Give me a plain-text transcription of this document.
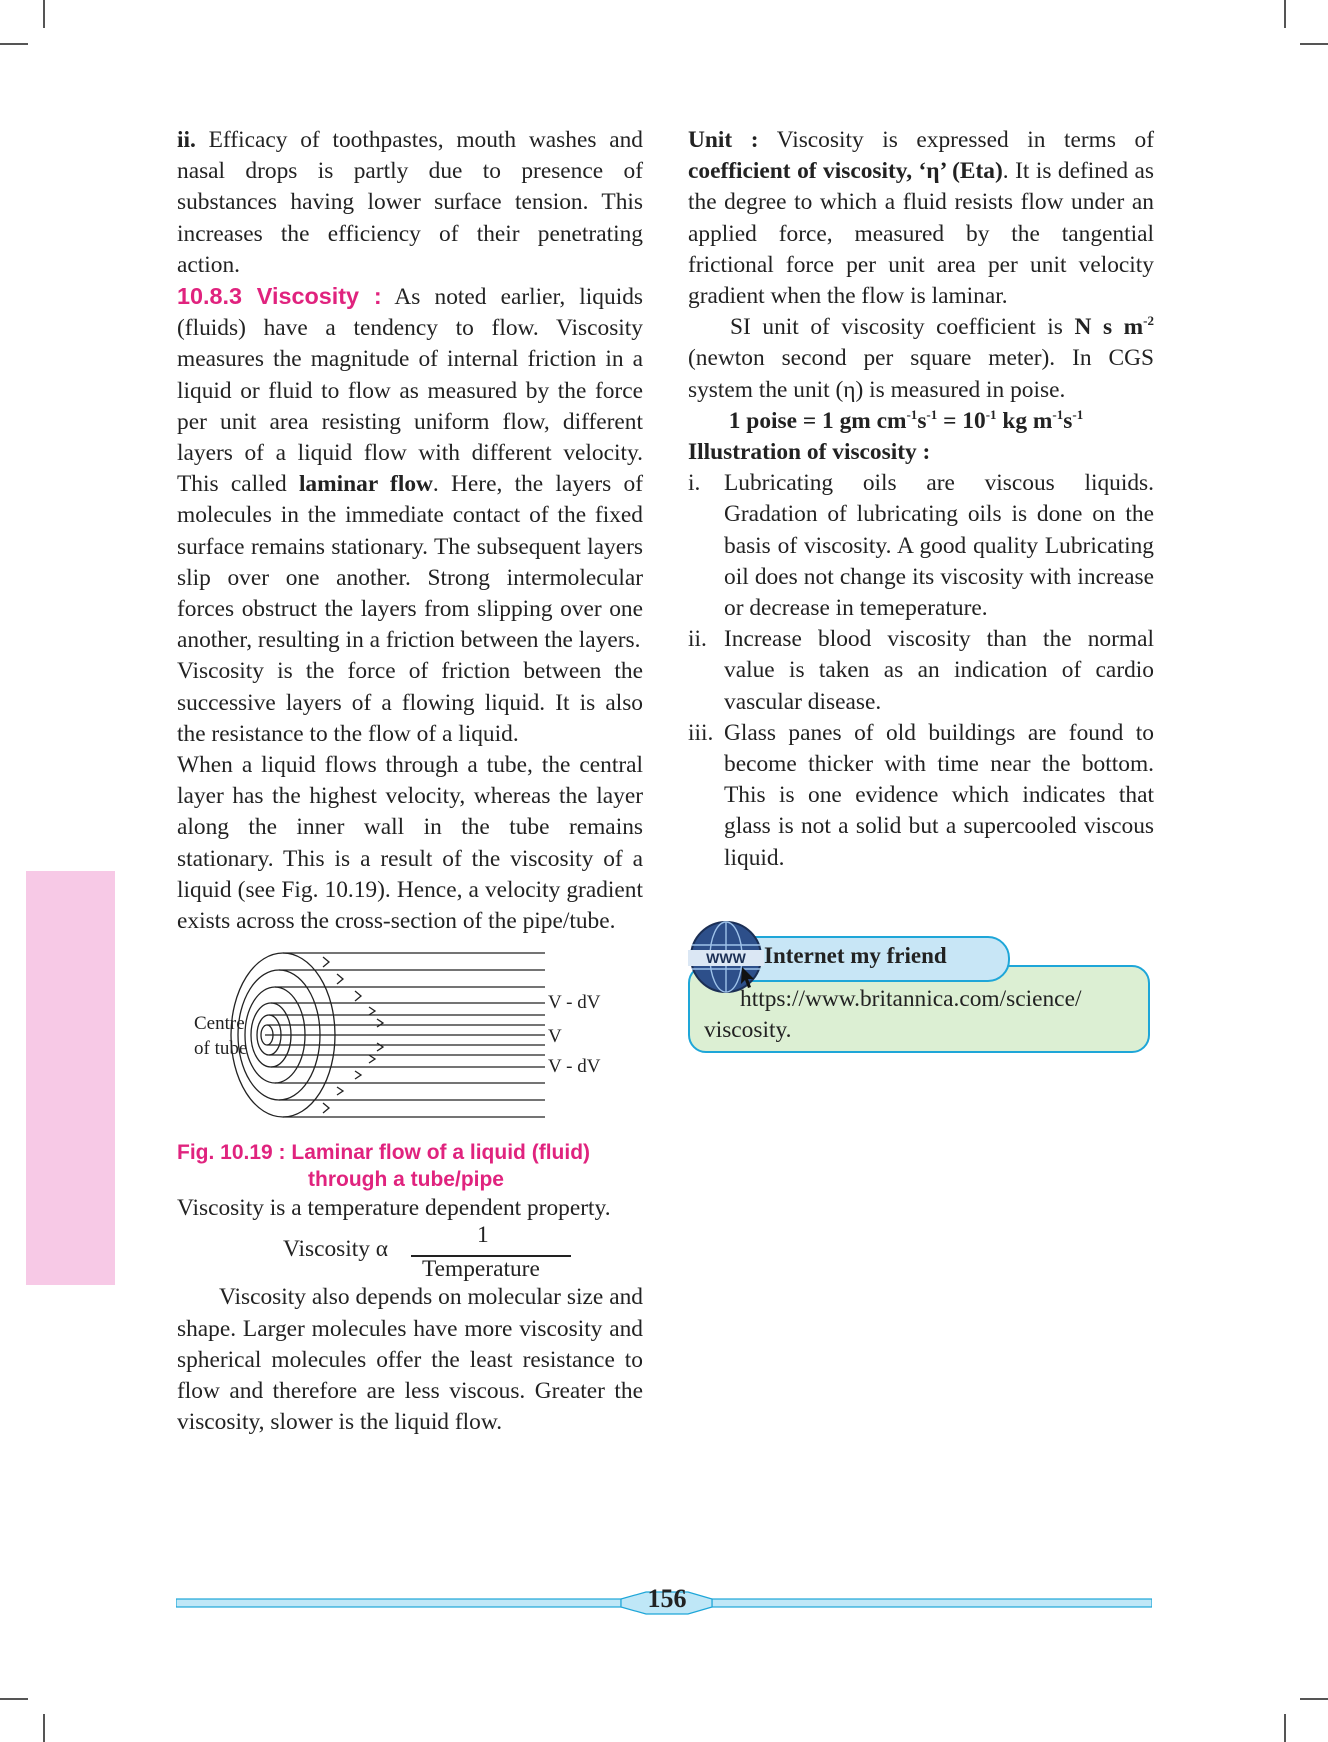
ii. Efficacy of toothpastes, mouth washes and nasal drops is partly due to presence of substances having lower surface tension. This increases the efficiency of their penetrating action.

10.8.3 Viscosity : As noted earlier, liquids (fluids) have a tendency to flow. Viscosity measures the magnitude of internal friction in a liquid or fluid to flow as measured by the force per unit area resisting uniform flow, different layers of a liquid flow with different velocity. This called laminar flow. Here, the layers of molecules in the immediate contact of the fixed surface remains stationary. The subsequent layers slip over one another. Strong intermolecular forces obstruct the layers from slipping over one another, resulting in a friction between the layers.

Viscosity is the force of friction between the successive layers of a flowing liquid. It is also the resistance to the flow of a liquid.

When a liquid flows through a tube, the central layer has the highest velocity, whereas the layer along the inner wall in the tube remains stationary. This is a result of the viscosity of a liquid (see Fig. 10.19). Hence, a velocity gradient exists across the cross-section of the pipe/tube.

Centre
of tube
V - dV
V
V - dV
Fig. 10.19 : Laminar flow of a liquid (fluid)
through a tube/pipe

Viscosity is a temperature dependent property.

Viscosity α
1
Temperature

Viscosity also depends on molecular size and shape. Larger molecules have more viscosity and spherical molecules offer the least resistance to flow and therefore are less viscous. Greater the viscosity, slower is the liquid flow.

Unit : Viscosity is expressed in terms of coefficient of viscosity, ‘η’ (Eta). It is defined as the degree to which a fluid resists flow under an applied force, measured by the tangential frictional force per unit area per unit velocity gradient when the flow is laminar.

SI unit of viscosity coefficient is N s $m^{-2}$ (newton second per square meter). In CGS system the unit (η) is measured in poise.

1 poise = 1 gm $cm^{-1}s^{-1} = 10^{-1}$ kg $m^{-1}s^{-1}$

Illustration of viscosity :

i. Lubricating oils are viscous liquids. Gradation of lubricating oils is done on the basis of viscosity. A good quality Lubricating oil does not change its viscosity with increase or decrease in temeperature.
ii. Increase blood viscosity than the normal value is taken as an indication of cardio vascular disease.
iii. Glass panes of old buildings are found to become thicker with time near the bottom. This is one evidence which indicates that glass is not a solid but a supercooled viscous liquid.
WWW Internet my friend
https://www.britannica.com/science/
viscosity.
156
